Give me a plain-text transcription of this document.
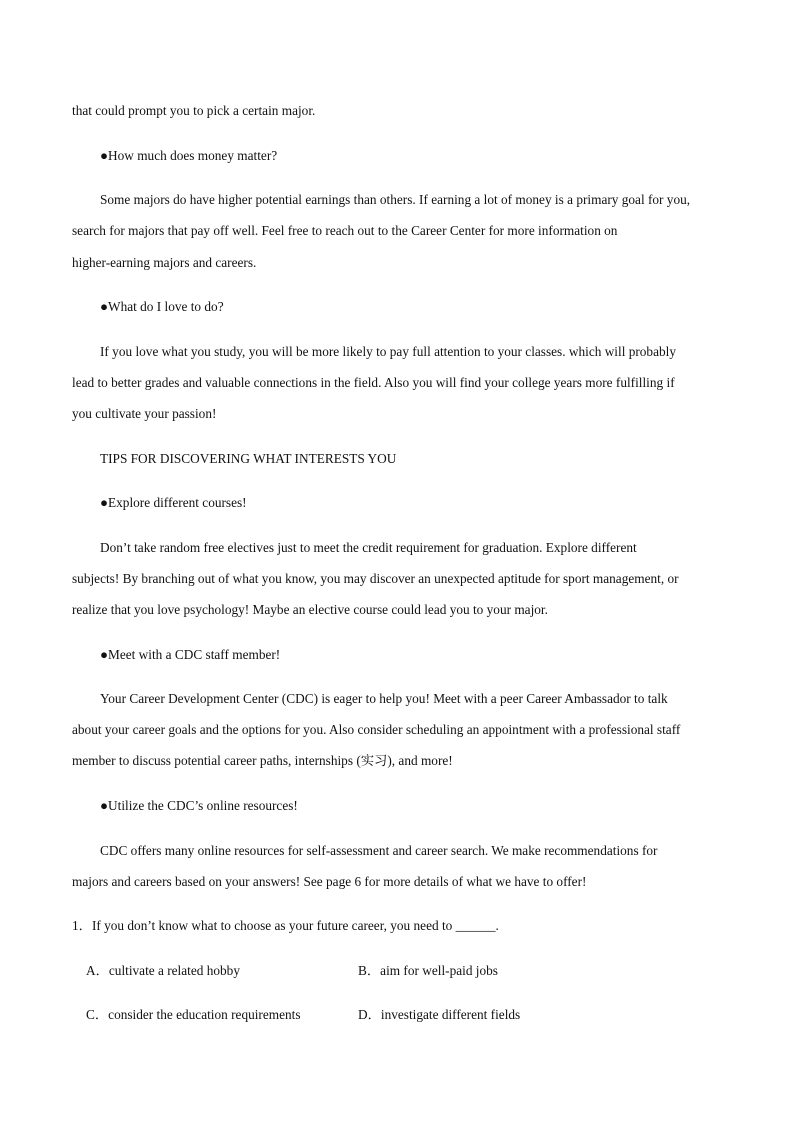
that could prompt you to pick a certain major.
●How much does money matter?
Some majors do have higher potential earnings than others. If earning a lot of money is a primary goal for you,
search for majors that pay off well. Feel free to reach out to the Career Center for more information on
higher-earning majors and careers.
●What do I love to do?
If you love what you study, you will be more likely to pay full attention to your classes. which will probably
lead to better grades and valuable connections in the field. Also you will find your college years more fulfilling if
you cultivate your passion!
TIPS FOR DISCOVERING WHAT INTERESTS YOU
●Explore different courses!
Don’t take random free electives just to meet the credit requirement for graduation. Explore different
subjects! By branching out of what you know, you may discover an unexpected aptitude for sport management, or
realize that you love psychology! Maybe an elective course could lead you to your major.
●Meet with a CDC staff member!
Your Career Development Center (CDC) is eager to help you! Meet with a peer Career Ambassador to talk
about your career goals and the options for you. Also consider scheduling an appointment with a professional staff
member to discuss potential career paths, internships (实习), and more!
●Utilize the CDC’s online resources!
CDC offers many online resources for self-assessment and career search. We make recommendations for
majors and careers based on your answers! See page 6 for more details of what we have to offer!
1．If you don’t know what to choose as your future career, you need to ______.
A．cultivate a related hobby	B．aim for well-paid jobs
C．consider the education requirements	D．investigate different fields
